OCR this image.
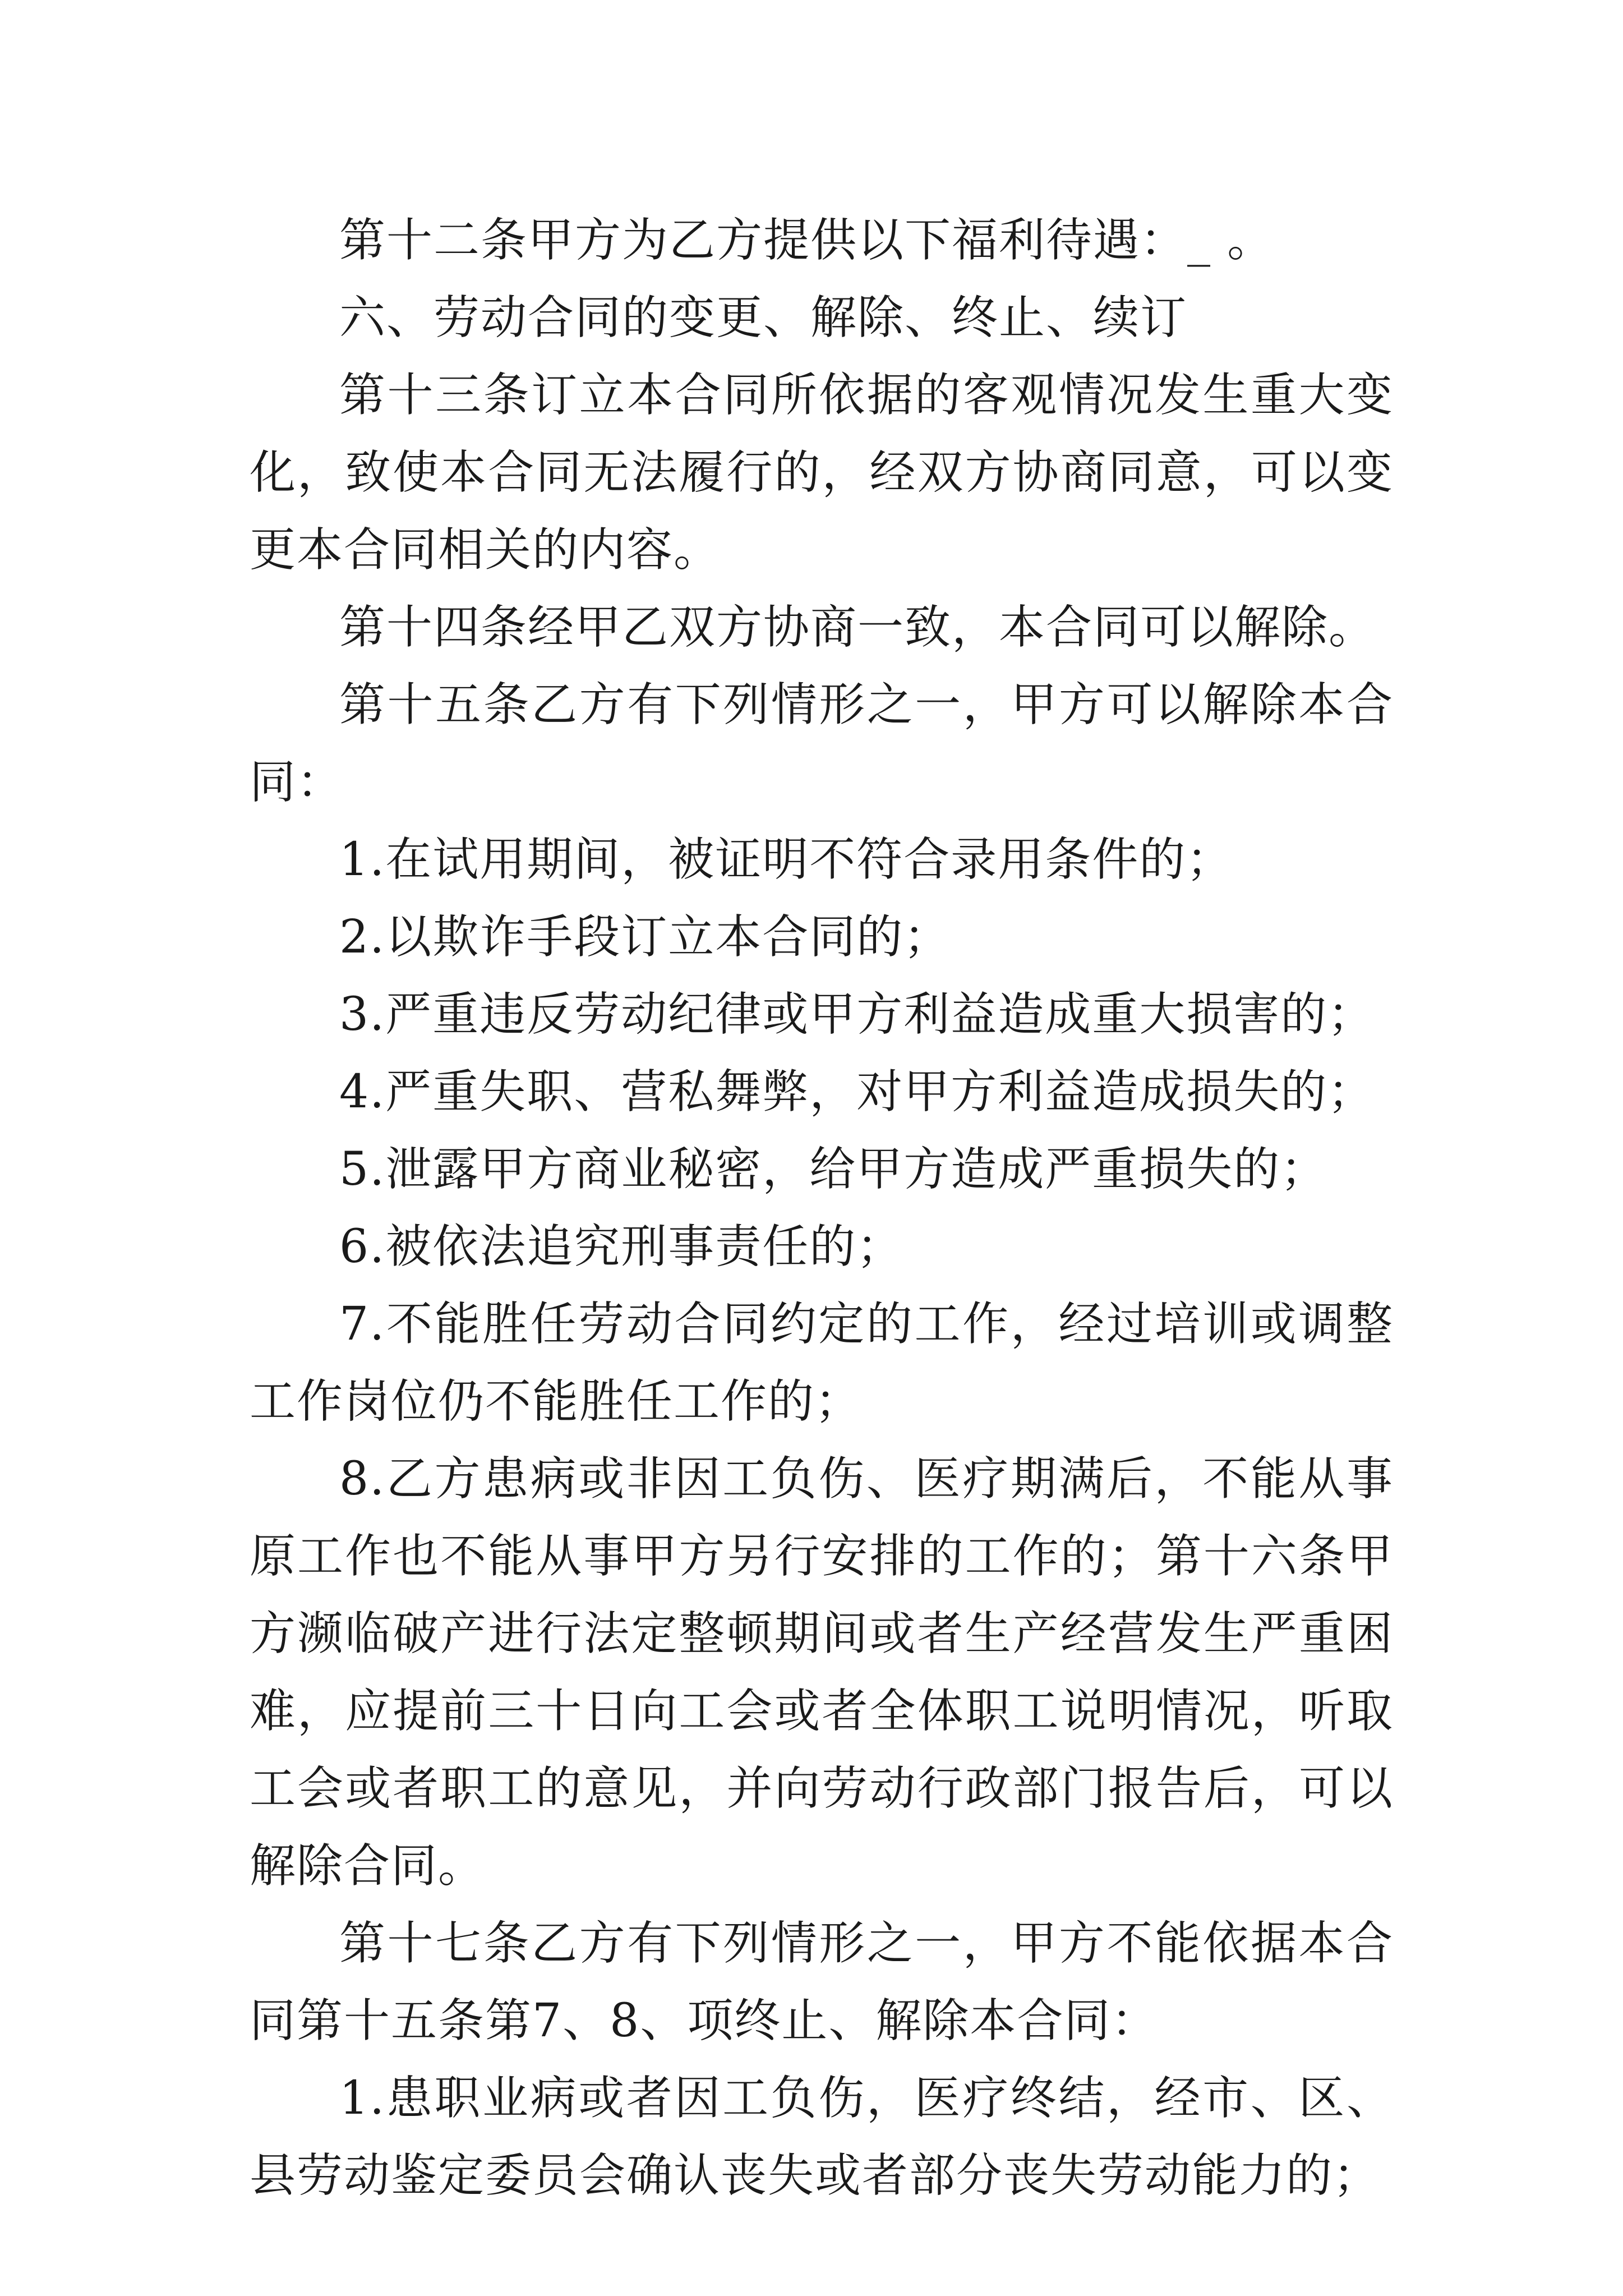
第十二条甲方为乙方提供以下福利待遇：_ 。

六、劳动合同的变更、解除、终止、续订

第十三条订立本合同所依据的客观情况发生重大变化，致使本合同无法履行的，经双方协商同意，可以变更本合同相关的内容。

第十四条经甲乙双方协商一致，本合同可以解除。

第十五条乙方有下列情形之一，甲方可以解除本合同：

1.在试用期间，被证明不符合录用条件的；

2.以欺诈手段订立本合同的；

3.严重违反劳动纪律或甲方利益造成重大损害的；

4.严重失职、营私舞弊，对甲方利益造成损失的；

5.泄露甲方商业秘密，给甲方造成严重损失的；

6.被依法追究刑事责任的；

7.不能胜任劳动合同约定的工作，经过培训或调整工作岗位仍不能胜任工作的；

8.乙方患病或非因工负伤、医疗期满后，不能从事原工作也不能从事甲方另行安排的工作的；第十六条甲方濒临破产进行法定整顿期间或者生产经营发生严重困难，应提前三十日向工会或者全体职工说明情况，听取工会或者职工的意见，并向劳动行政部门报告后，可以解除合同。

第十七条乙方有下列情形之一，甲方不能依据本合同第十五条第7、8、项终止、解除本合同：

1.患职业病或者因工负伤，医疗终结，经市、区、县劳动鉴定委员会确认丧失或者部分丧失劳动能力的；
